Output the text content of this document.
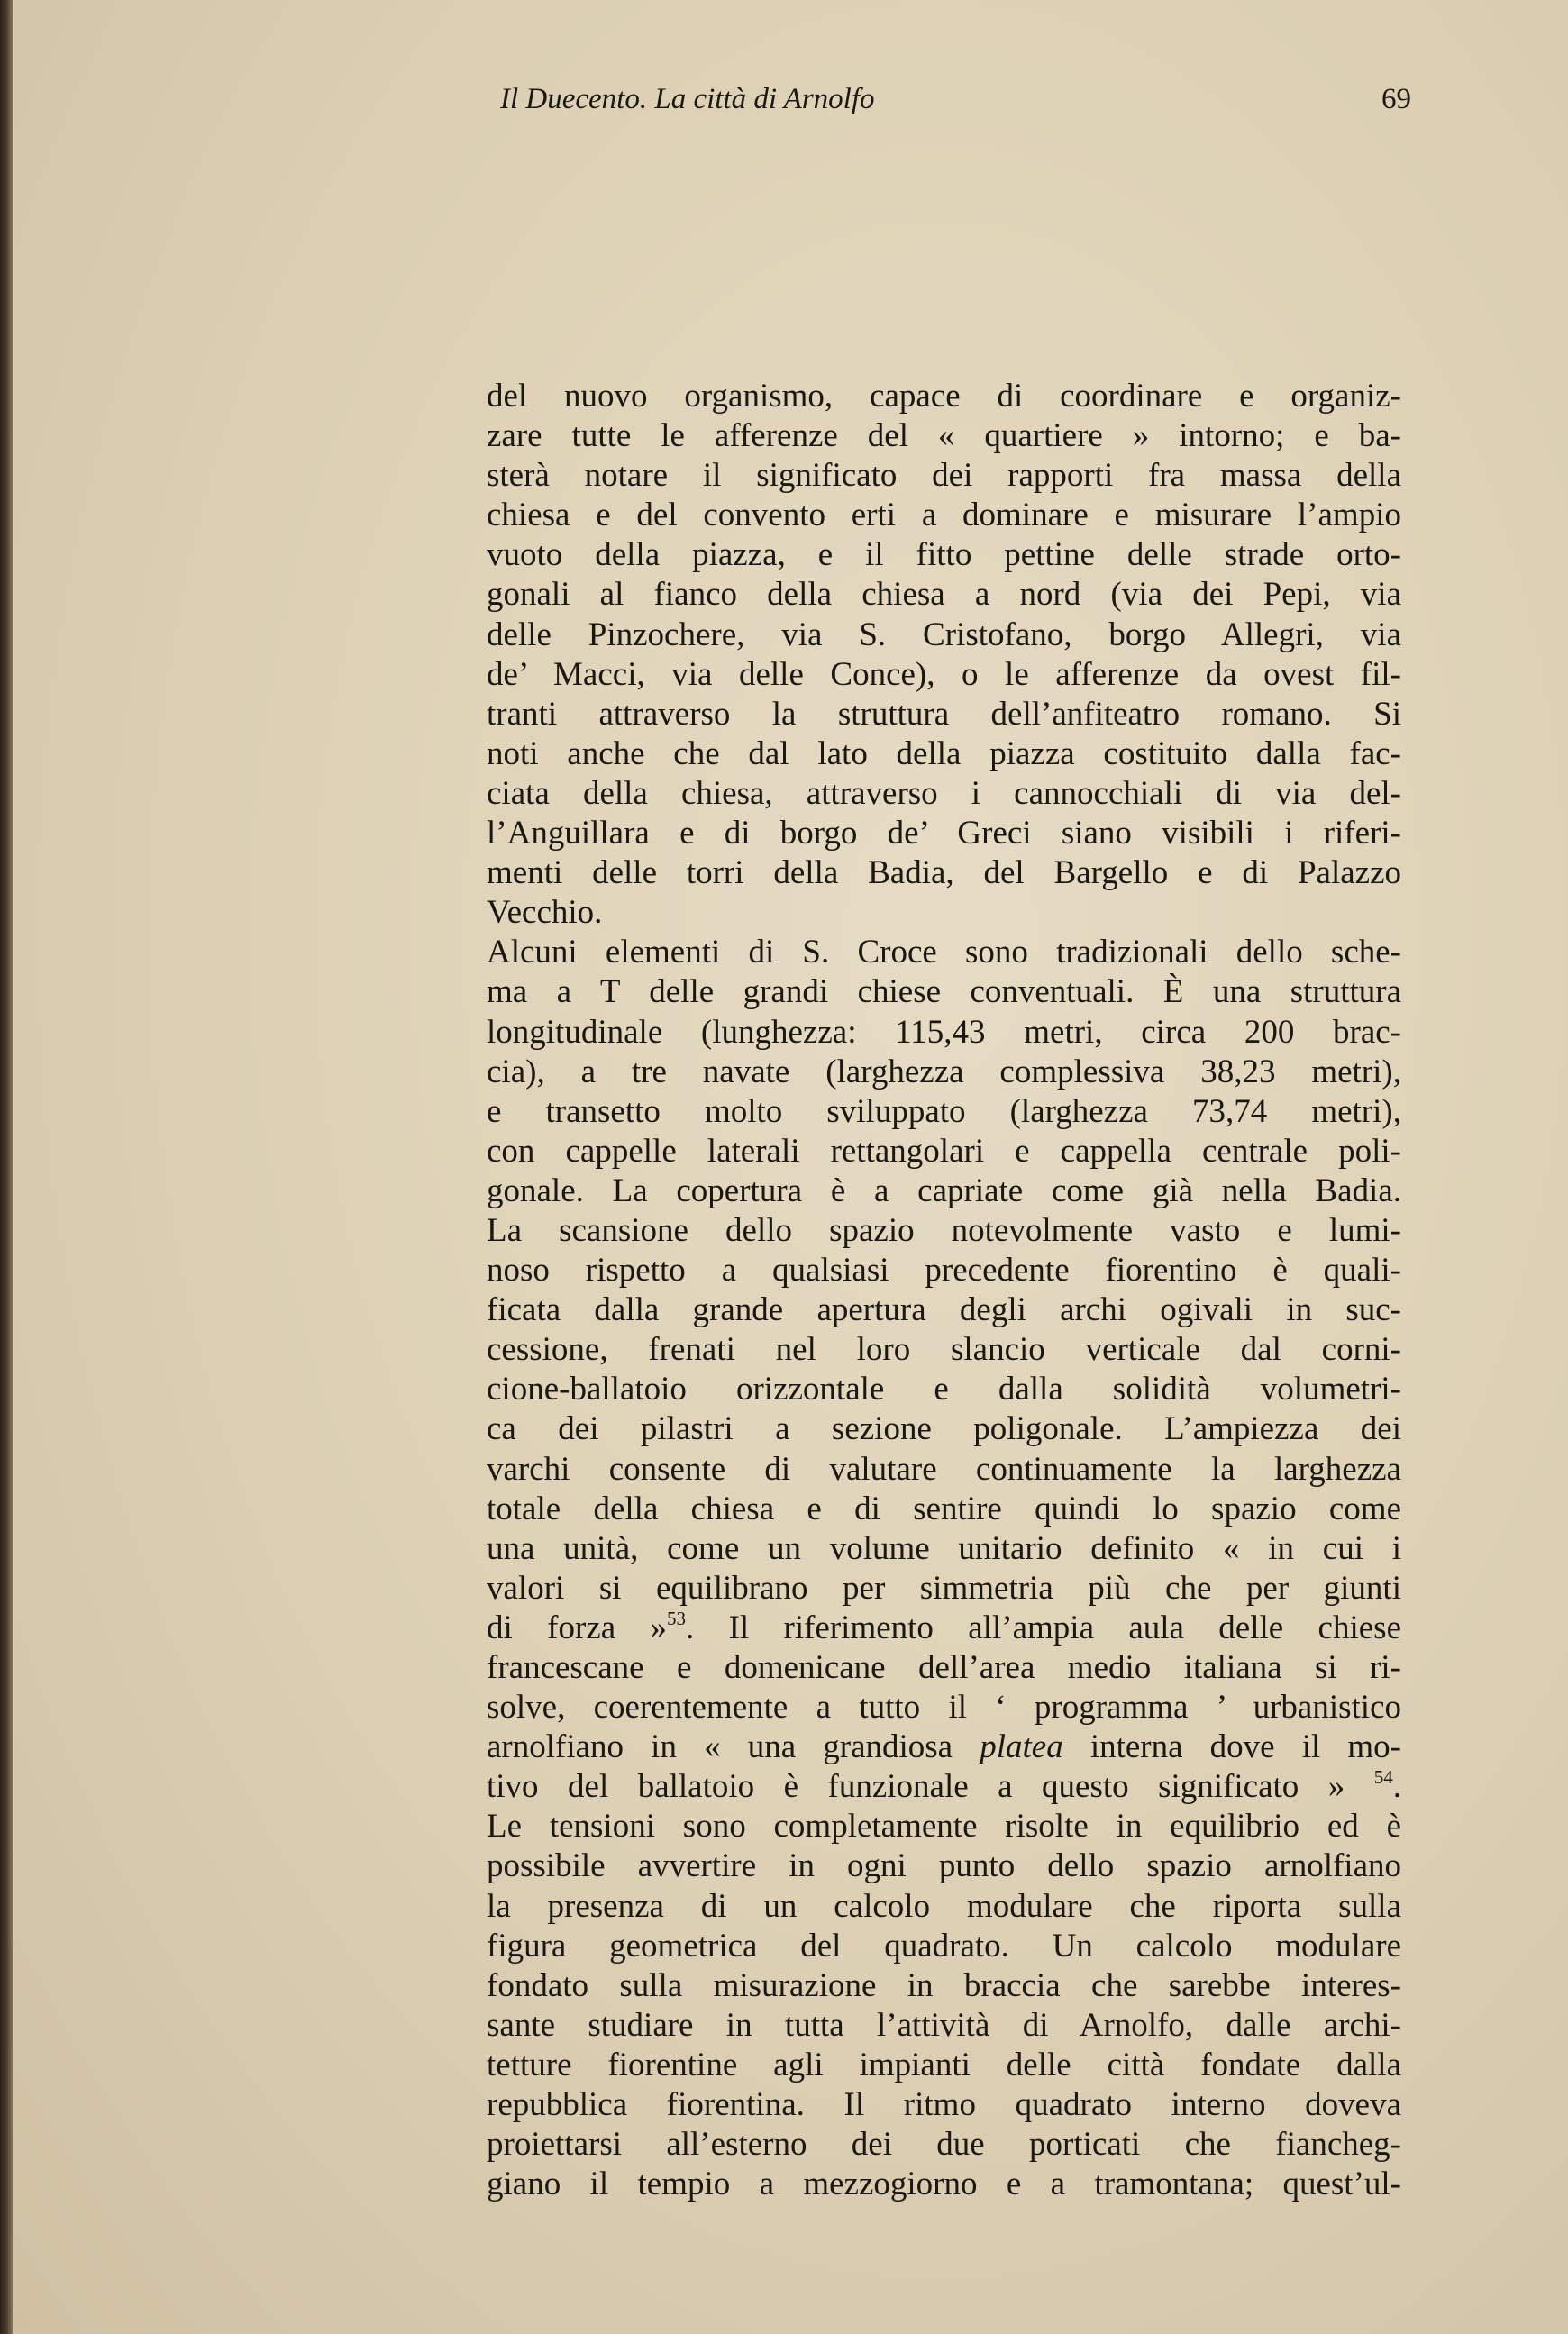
Il Duecento. La città di Arnolfo	69
del nuovo organismo, capace di coordinare e organiz-
zare tutte le afferenze del « quartiere » intorno; e ba-
sterà notare il significato dei rapporti fra massa della
chiesa e del convento erti a dominare e misurare l’ampio
vuoto della piazza, e il fitto pettine delle strade orto-
gonali al fianco della chiesa a nord (via dei Pepi, via
delle Pinzochere, via S. Cristofano, borgo Allegri, via
de’ Macci, via delle Conce), o le afferenze da ovest fil-
tranti attraverso la struttura dell’anfiteatro romano. Si
noti anche che dal lato della piazza costituito dalla fac-
ciata della chiesa, attraverso i cannocchiali di via del-
l’Anguillara e di borgo de’ Greci siano visibili i riferi-
menti delle torri della Badia, del Bargello e di Palazzo
Vecchio.
Alcuni elementi di S. Croce sono tradizionali dello sche-
ma a T delle grandi chiese conventuali. È una struttura
longitudinale (lunghezza: 115,43 metri, circa 200 brac-
cia), a tre navate (larghezza complessiva 38,23 metri),
e transetto molto sviluppato (larghezza 73,74 metri),
con cappelle laterali rettangolari e cappella centrale poli-
gonale. La copertura è a capriate come già nella Badia.
La scansione dello spazio notevolmente vasto e lumi-
noso rispetto a qualsiasi precedente fiorentino è quali-
ficata dalla grande apertura degli archi ogivali in suc-
cessione, frenati nel loro slancio verticale dal corni-
cione-ballatoio orizzontale e dalla solidità volumetri-
ca dei pilastri a sezione poligonale. L’ampiezza dei
varchi consente di valutare continuamente la larghezza
totale della chiesa e di sentire quindi lo spazio come
una unità, come un volume unitario definito « in cui i
valori si equilibrano per simmetria più che per giunti
di forza »$^{53}$. Il riferimento all’ampia aula delle chiese
francescane e domenicane dell’area medio italiana si ri-
solve, coerentemente a tutto il ‘ programma ’ urbanistico
arnolfiano in « una grandiosa platea interna dove il mo-
tivo del ballatoio è funzionale a questo significato » $^{54}$.
Le tensioni sono completamente risolte in equilibrio ed è
possibile avvertire in ogni punto dello spazio arnolfiano
la presenza di un calcolo modulare che riporta sulla
figura geometrica del quadrato. Un calcolo modulare
fondato sulla misurazione in braccia che sarebbe interes-
sante studiare in tutta l’attività di Arnolfo, dalle archi-
tetture fiorentine agli impianti delle città fondate dalla
repubblica fiorentina. Il ritmo quadrato interno doveva
proiettarsi all’esterno dei due porticati che fiancheg-
giano il tempio a mezzogiorno e a tramontana; quest’ul-
